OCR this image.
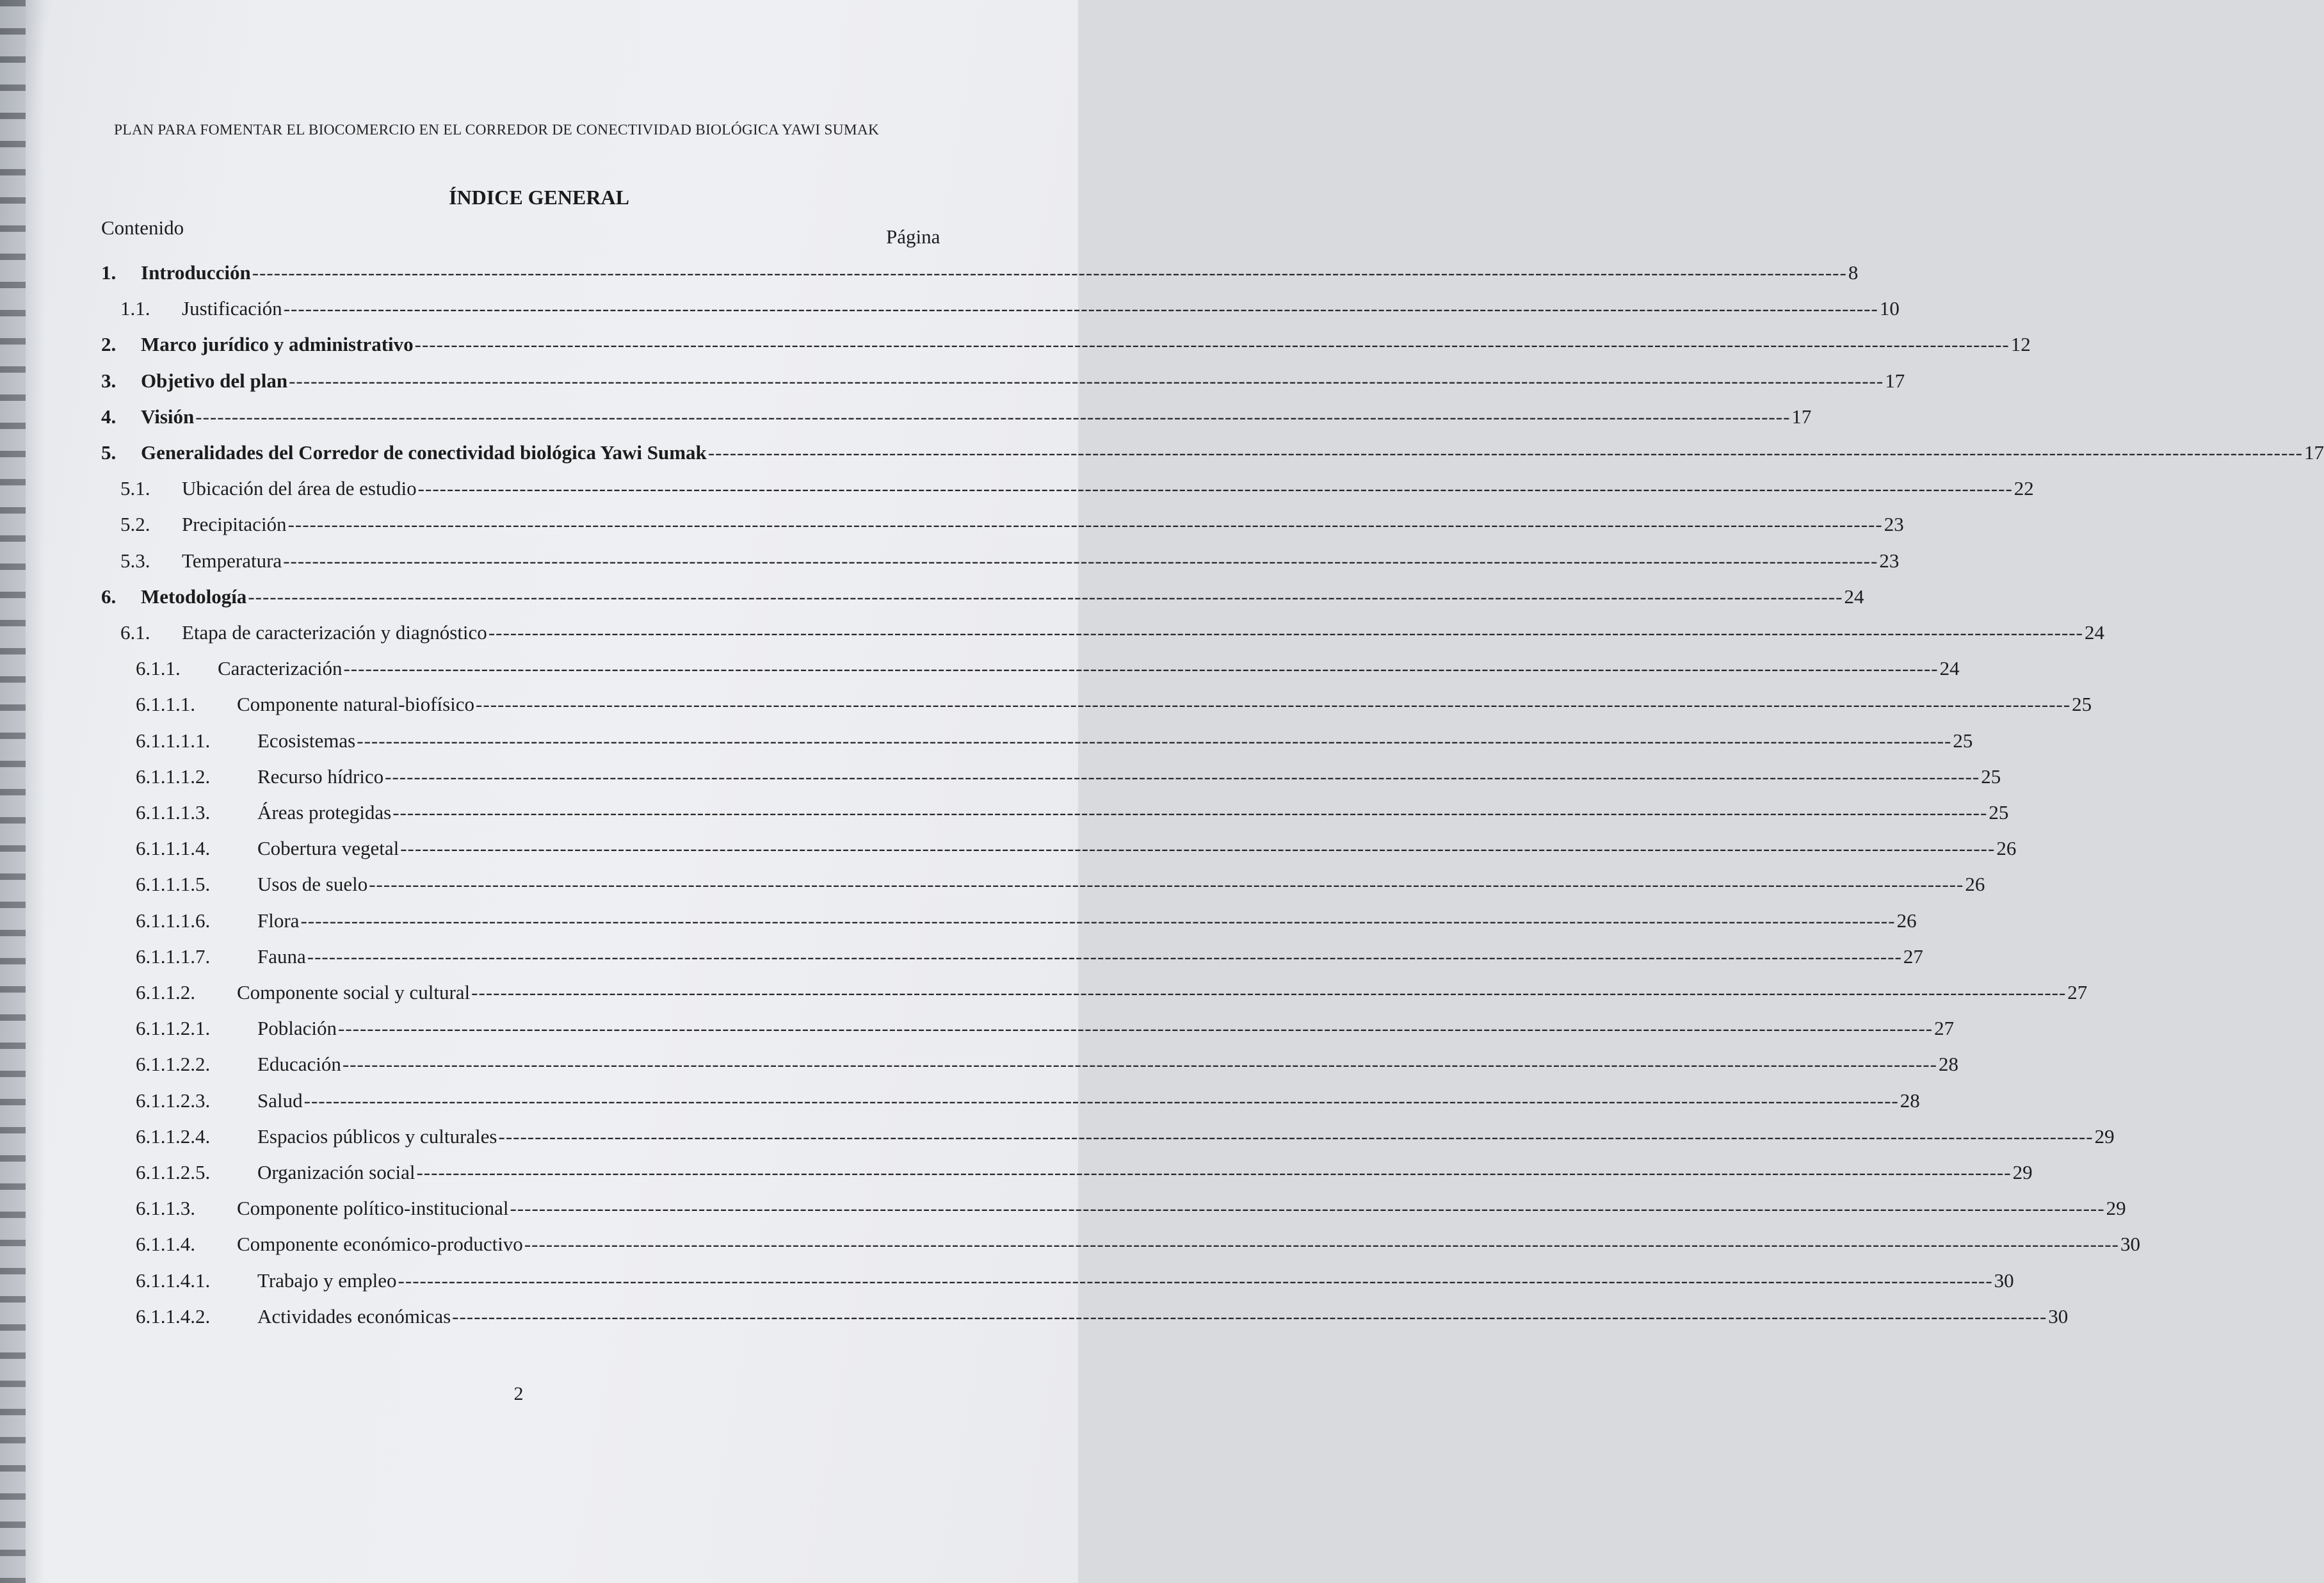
PLAN PARA FOMENTAR EL BIOCOMERCIO EN EL CORREDOR DE CONECTIVIDAD BIOLÓGICA YAWI SUMAK
ÍNDICE GENERAL
Contenido	Página
1.	Introducción ---------------------------------------------------------------------------------------------------------------------------------------------------------------------------------------------------------------------------- 8
1.1.	Justificación ---------------------------------------------------------------------------------------------------------------------------------------------------------------------------------------------------------------------------- 10
2.	Marco jurídico y administrativo ---------------------------------------------------------------------------------------------------------------------------------------------------------------------------------------------------------------------------- 12
3.	Objetivo del plan ---------------------------------------------------------------------------------------------------------------------------------------------------------------------------------------------------------------------------- 17
4.	Visión ---------------------------------------------------------------------------------------------------------------------------------------------------------------------------------------------------------------------------- 17
5.	Generalidades del Corredor de conectividad biológica Yawi Sumak ---------------------------------------------------------------------------------------------------------------------------------------------------------------------------------------------------------------------------- 17
5.1.	Ubicación del área de estudio ---------------------------------------------------------------------------------------------------------------------------------------------------------------------------------------------------------------------------- 22
5.2.	Precipitación ---------------------------------------------------------------------------------------------------------------------------------------------------------------------------------------------------------------------------- 23
5.3.	Temperatura ---------------------------------------------------------------------------------------------------------------------------------------------------------------------------------------------------------------------------- 23
6.	Metodología ---------------------------------------------------------------------------------------------------------------------------------------------------------------------------------------------------------------------------- 24
6.1.	Etapa de caracterización y diagnóstico ---------------------------------------------------------------------------------------------------------------------------------------------------------------------------------------------------------------------------- 24
6.1.1.	Caracterización ---------------------------------------------------------------------------------------------------------------------------------------------------------------------------------------------------------------------------- 24
6.1.1.1.	Componente natural-biofísico ---------------------------------------------------------------------------------------------------------------------------------------------------------------------------------------------------------------------------- 25
6.1.1.1.1.	Ecosistemas ---------------------------------------------------------------------------------------------------------------------------------------------------------------------------------------------------------------------------- 25
6.1.1.1.2.	Recurso hídrico ---------------------------------------------------------------------------------------------------------------------------------------------------------------------------------------------------------------------------- 25
6.1.1.1.3.	Áreas protegidas ---------------------------------------------------------------------------------------------------------------------------------------------------------------------------------------------------------------------------- 25
6.1.1.1.4.	Cobertura vegetal ---------------------------------------------------------------------------------------------------------------------------------------------------------------------------------------------------------------------------- 26
6.1.1.1.5.	Usos de suelo ---------------------------------------------------------------------------------------------------------------------------------------------------------------------------------------------------------------------------- 26
6.1.1.1.6.	Flora ---------------------------------------------------------------------------------------------------------------------------------------------------------------------------------------------------------------------------- 26
6.1.1.1.7.	Fauna ---------------------------------------------------------------------------------------------------------------------------------------------------------------------------------------------------------------------------- 27
6.1.1.2.	Componente social y cultural ---------------------------------------------------------------------------------------------------------------------------------------------------------------------------------------------------------------------------- 27
6.1.1.2.1.	Población ---------------------------------------------------------------------------------------------------------------------------------------------------------------------------------------------------------------------------- 27
6.1.1.2.2.	Educación ---------------------------------------------------------------------------------------------------------------------------------------------------------------------------------------------------------------------------- 28
6.1.1.2.3.	Salud ---------------------------------------------------------------------------------------------------------------------------------------------------------------------------------------------------------------------------- 28
6.1.1.2.4.	Espacios públicos y culturales ---------------------------------------------------------------------------------------------------------------------------------------------------------------------------------------------------------------------------- 29
6.1.1.2.5.	Organización social ---------------------------------------------------------------------------------------------------------------------------------------------------------------------------------------------------------------------------- 29
6.1.1.3.	Componente político-institucional ---------------------------------------------------------------------------------------------------------------------------------------------------------------------------------------------------------------------------- 29
6.1.1.4.	Componente económico-productivo ---------------------------------------------------------------------------------------------------------------------------------------------------------------------------------------------------------------------------- 30
6.1.1.4.1.	Trabajo y empleo ---------------------------------------------------------------------------------------------------------------------------------------------------------------------------------------------------------------------------- 30
6.1.1.4.2.	Actividades económicas ---------------------------------------------------------------------------------------------------------------------------------------------------------------------------------------------------------------------------- 30
2
